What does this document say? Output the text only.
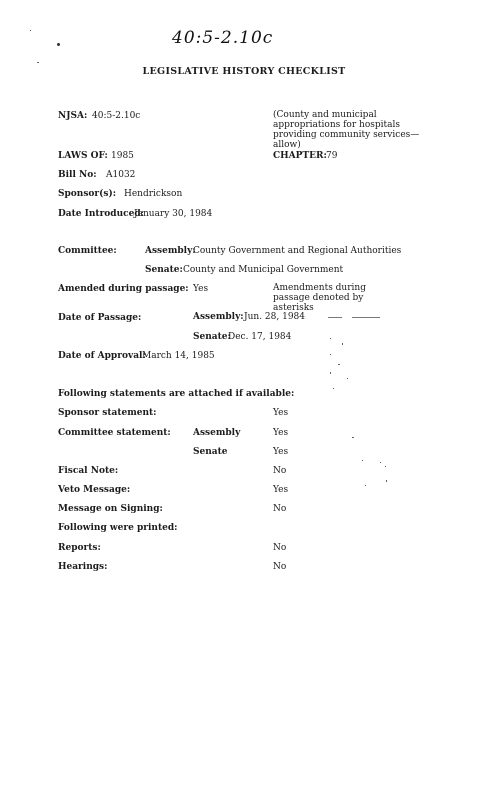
40:5-2.10c
LEGISLATIVE HISTORY CHECKLIST
NJSA: 40:5-2.10c	(County and municipal appropriations for hospitals providing community services—allow)
LAWS OF: 1985	CHAPTER: 79
Bill No: A1032
Sponsor(s): Hendrickson
Date Introduced:
January 30, 1984
Committee:	Assembly:
County Government and Regional Authorities
Senate: County and Municipal Government
Amended during passage: Yes	Amendments during passage denoted by asterisks
Date of Passage:	Assembly: Jun. 28, 1984
Senate:
Dec. 17, 1984
Date of Approval:
March 14, 1985
Following statements are attached if available:
Sponsor statement:	Yes
Committee statement: Assembly	Yes
Senate	Yes
Fiscal Note:	No
Veto Message:	Yes
Message on Signing:	No
Following were printed:
Reports:	No
Hearings:	No
